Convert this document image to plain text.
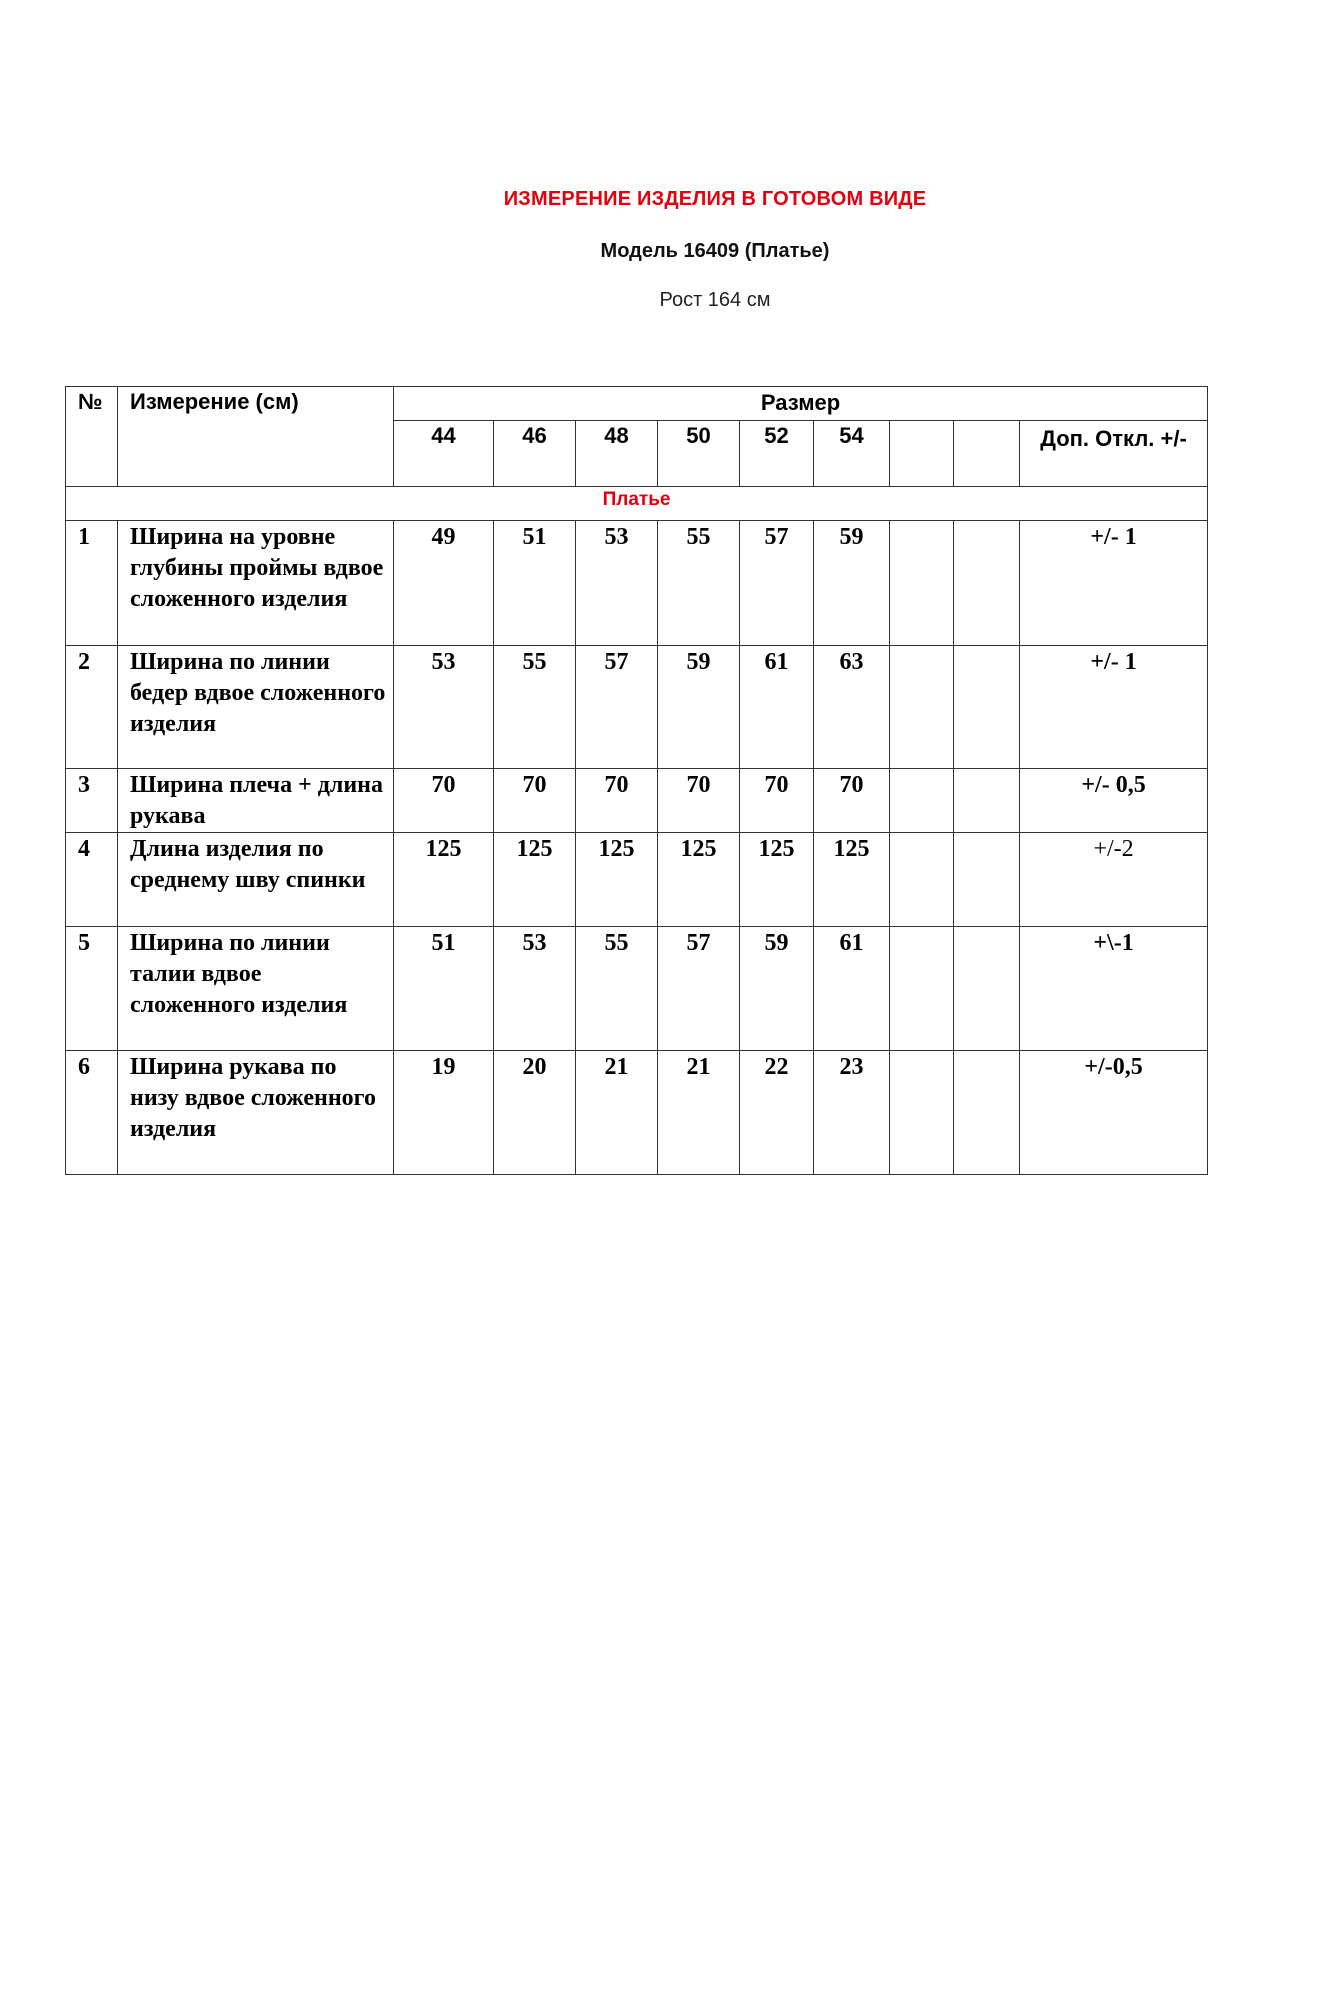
ИЗМЕРЕНИЕ ИЗДЕЛИЯ В ГОТОВОМ ВИДЕ
Модель 16409 (Платье)
Рост 164 см
№	Измерение (см)	Размер								
		44	46	48	50	52	54			Доп. Откл. +/-
Платье										
1	Ширина на уровне глубины проймы вдвое сложенного изделия	49	51	53	55	57	59			+/- 1
2	Ширина по линии бедер вдвое сложенного изделия	53	55	57	59	61	63			+/- 1
3	Ширина плеча + длина рукава	70	70	70	70	70	70			+/- 0,5
4	Длина изделия по среднему шву спинки	125	125	125	125	125	125			+/-2
5	Ширина по линии талии вдвое сложенного изделия	51	53	55	57	59	61			+\-1
6	Ширина рукава по низу вдвое сложенного изделия	19	20	21	21	22	23			+/-0,5
